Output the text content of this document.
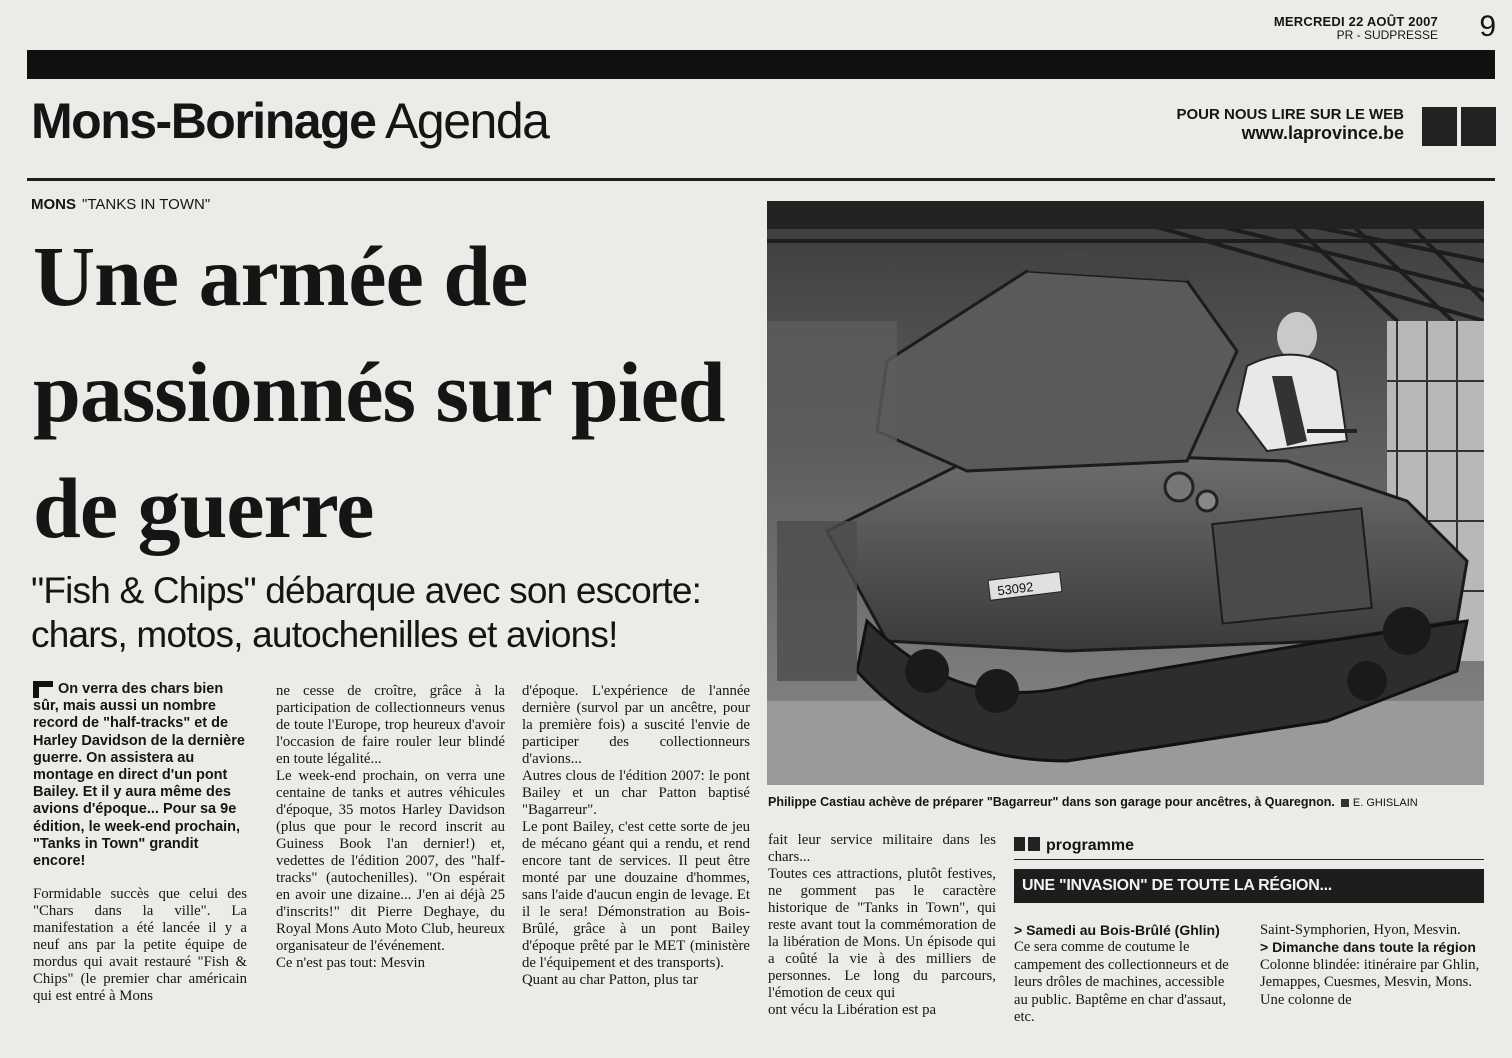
MERCREDI 22 AOÛT 2007
PR - SUDPRESSE 9
Mons-Borinage Agenda	POUR NOUS LIRE SUR LE WEB
www.laprovince.be
MONS "TANKS IN TOWN"
Une armée de passionnés sur pied de guerre
"Fish & Chips" débarque avec son escorte: chars, motos, autochenilles et avions!
53092
Philippe Castiau achève de préparer "Bagarreur" dans son garage pour ancêtres, à Quaregnon. E. GHISLAIN

On verra des chars bien sûr, mais aussi un nombre record de "half-tracks" et de Harley Davidson de la dernière guerre. On assistera au montage en direct d'un pont Bailey. Et il y aura même des avions d'époque... Pour sa 9e édition, le week-end prochain, "Tanks in Town" grandit encore!

Formidable succès que celui des "Chars dans la ville". La manifestation a été lancée il y a neuf ans par la petite équipe de mordus qui avait restauré "Fish & Chips" (le premier char américain qui est entré à Mons

ne cesse de croître, grâce à la participation de collectionneurs venus de toute l'Europe, trop heureux d'avoir l'occasion de faire rouler leur blindé en toute légalité...

Le week-end prochain, on verra une centaine de tanks et autres véhicules d'époque, 35 motos Harley Davidson (plus que pour le record inscrit au Guiness Book l'an dernier!) et, vedettes de l'édition 2007, des "half-tracks" (autochenilles). "On espérait en avoir une dizaine... J'en ai déjà 25 d'inscrits!" dit Pierre Deghaye, du Royal Mons Auto Moto Club, heureux organisateur de l'événement.

Ce n'est pas tout: Mesvin

d'époque. L'expérience de l'année dernière (survol par un ancêtre, pour la première fois) a suscité l'envie de participer des collectionneurs d'avions...

Autres clous de l'édition 2007: le pont Bailey et un char Patton baptisé "Bagarreur".

Le pont Bailey, c'est cette sorte de jeu de mécano géant qui a rendu, et rend encore tant de services. Il peut être monté par une douzaine d'hommes, sans l'aide d'aucun engin de levage. Et il le sera! Démonstration au Bois-Brûlé, grâce à un pont Bailey d'époque prêté par le MET (ministère de l'équipement et des transports).

Quant au char Patton, plus tar

fait leur service militaire dans les chars...

Toutes ces attractions, plutôt festives, ne gomment pas le caractère historique de "Tanks in Town", qui reste avant tout la commémoration de la libération de Mons. Un épisode qui a coûté la vie à des milliers de personnes. Le long du parcours, l'émotion de ceux qui

ont vécu la Libération est pa

programme
UNE "INVASION" DE TOUTE LA RÉGION...
> Samedi au Bois-Brûlé (Ghlin)
Ce sera comme de coutume le campement des collectionneurs et de leurs drôles de machines, accessible au public. Baptême en char d'assaut, etc.
Saint-Symphorien, Hyon, Mesvin.
> Dimanche dans toute la région
Colonne blindée: itinéraire par Ghlin, Jemappes, Cuesmes, Mesvin, Mons. Une colonne de
